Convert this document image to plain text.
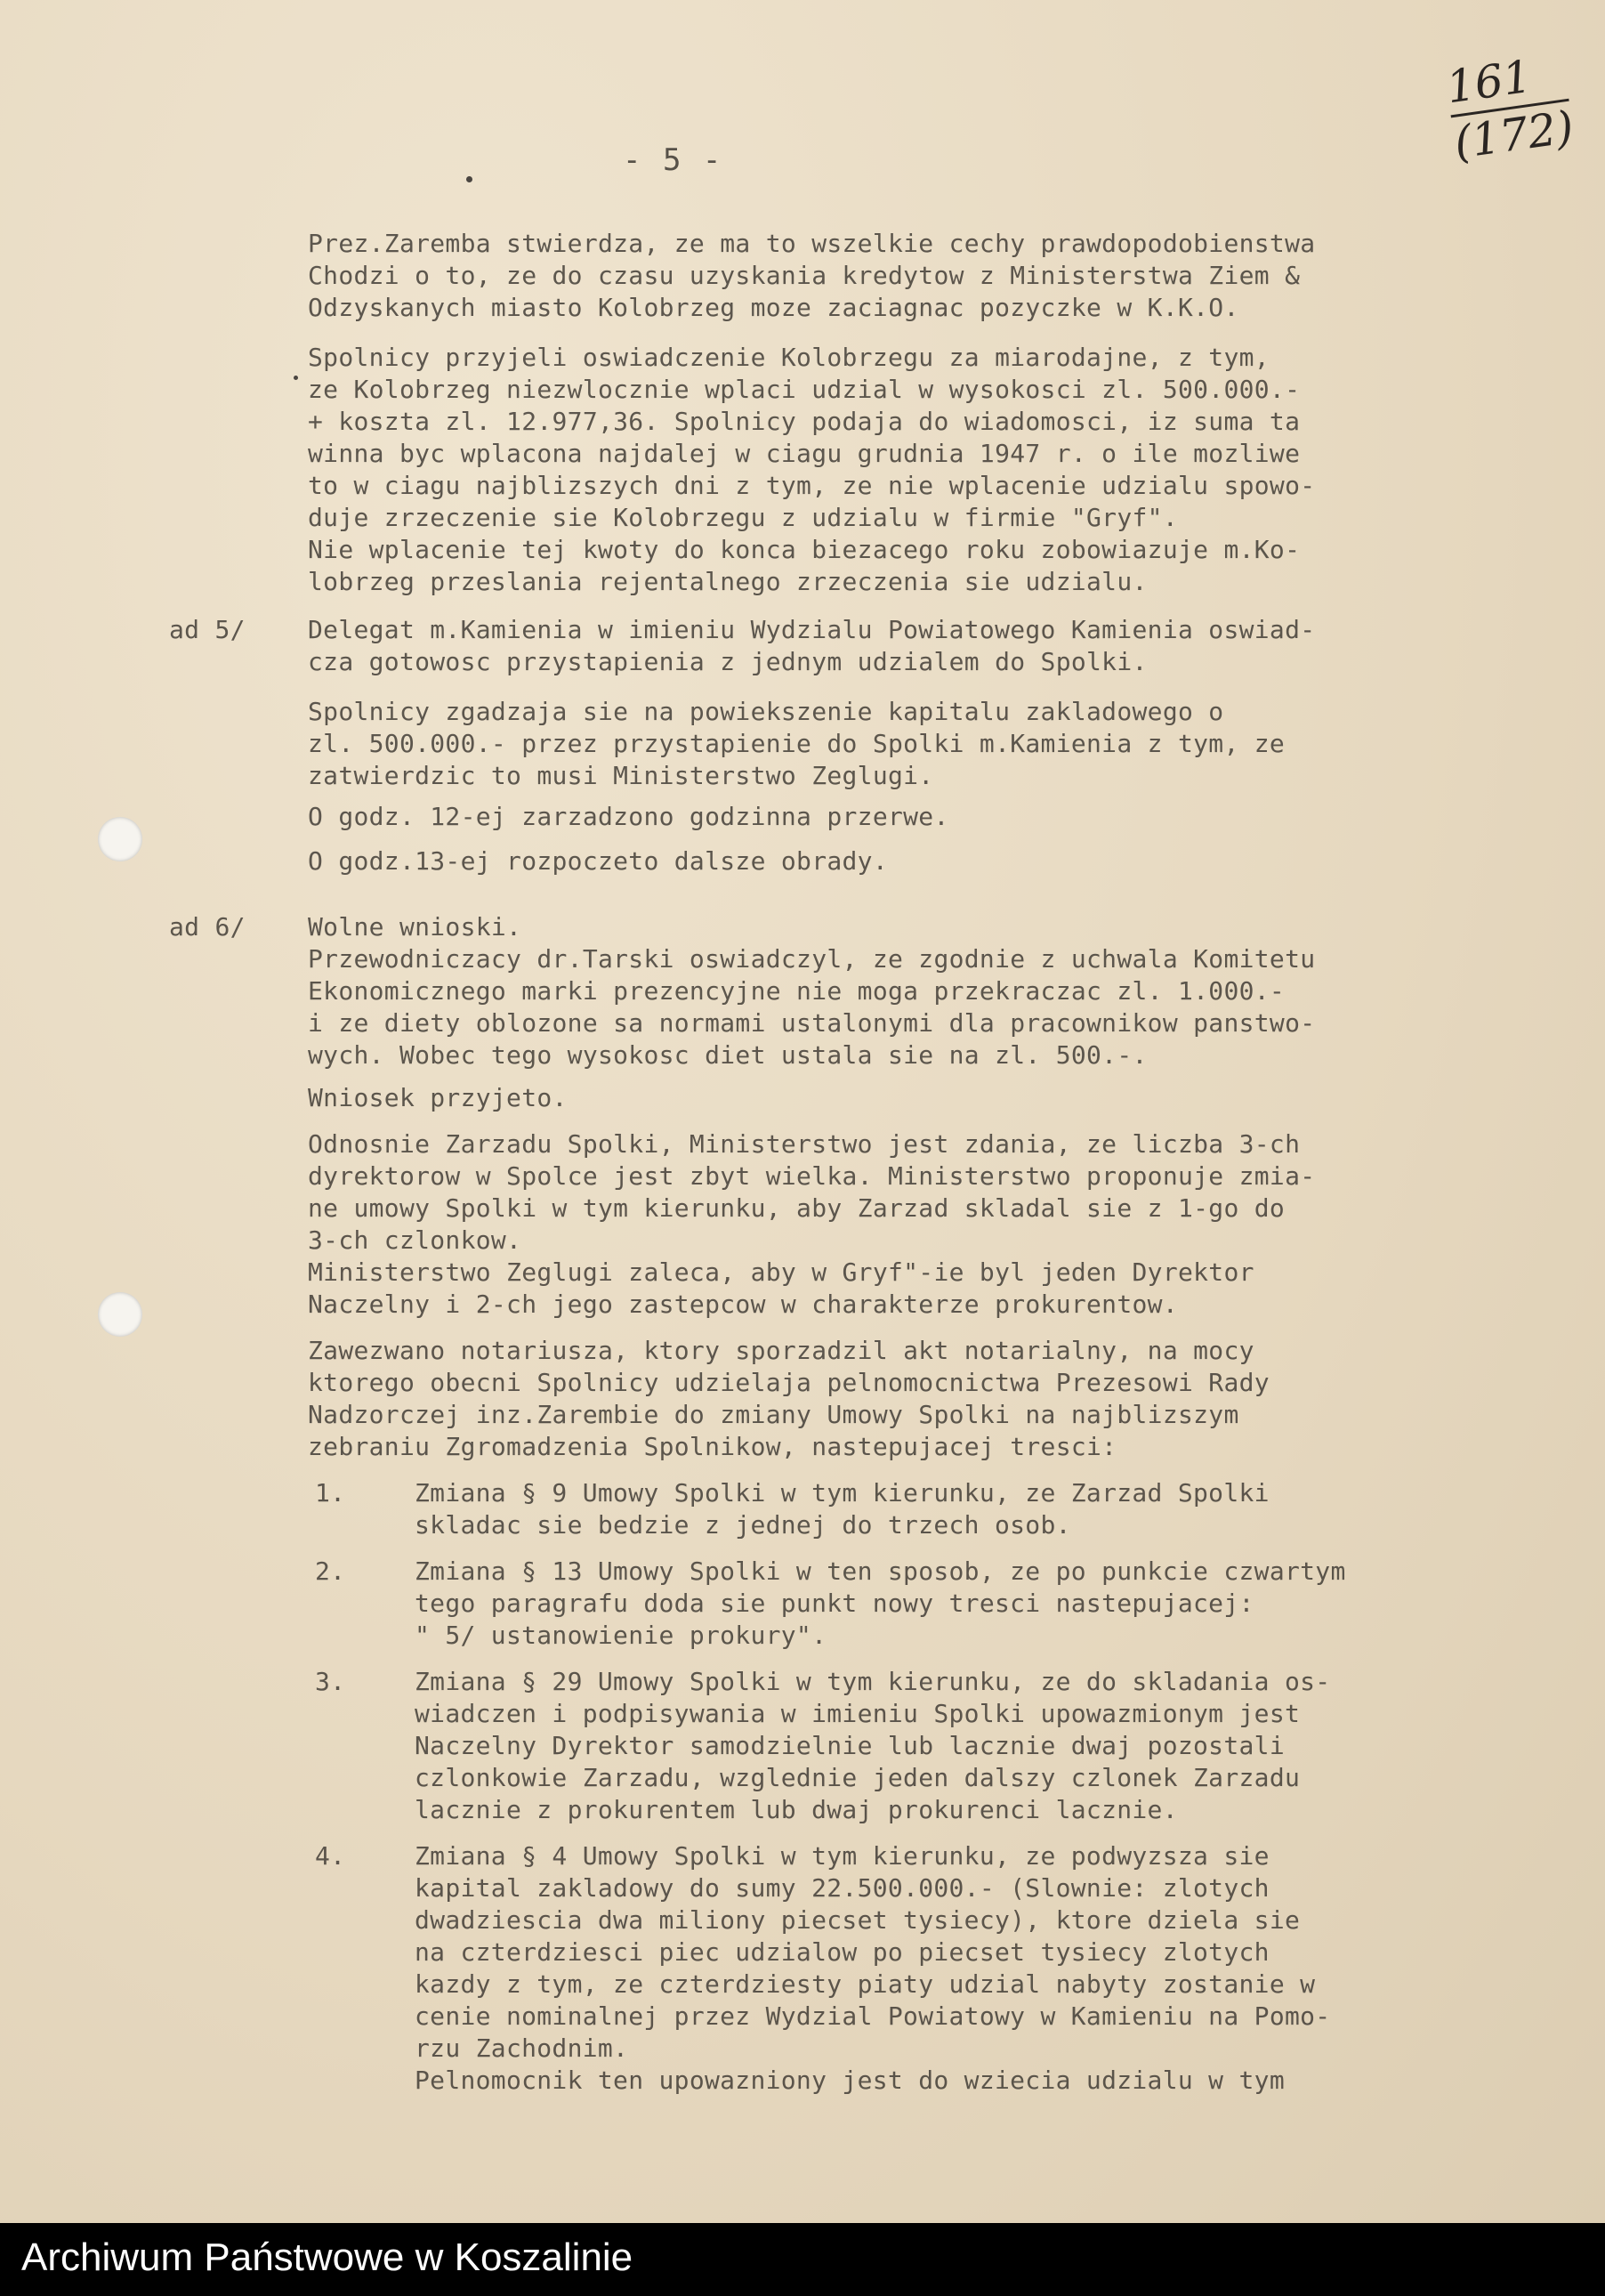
- 5 -
161
(172)
Prez.Zaremba stwierdza, ze ma to wszelkie cechy prawdopodobienstwa
Chodzi o to, ze do czasu uzyskania kredytow z Ministerstwa Ziem &
Odzyskanych miasto Kolobrzeg moze zaciagnac pozyczke w K.K.O.
Spolnicy przyjeli oswiadczenie Kolobrzegu za miarodajne, z tym,
ze Kolobrzeg niezwlocznie wplaci udzial w wysokosci zl. 500.000.-
+ koszta zl. 12.977,36. Spolnicy podaja do wiadomosci, iz suma ta
winna byc wplacona najdalej w ciagu grudnia 1947 r. o ile mozliwe
to w ciagu najblizszych dni z tym, ze nie wplacenie udzialu spowo-
duje zrzeczenie sie Kolobrzegu z udzialu w firmie "Gryf".
Nie wplacenie tej kwoty do konca biezacego roku zobowiazuje m.Ko-
lobrzeg przeslania rejentalnego zrzeczenia sie udzialu.
ad 5/	Delegat m.Kamienia w imieniu Wydzialu Powiatowego Kamienia oswiad-
cza gotowosc przystapienia z jednym udzialem do Spolki.
Spolnicy zgadzaja sie na powiekszenie kapitalu zakladowego o
zl. 500.000.- przez przystapienie do Spolki m.Kamienia z tym, ze
zatwierdzic to musi Ministerstwo Zeglugi.
O godz. 12-ej zarzadzono godzinna przerwe.
O godz.13-ej rozpoczeto dalsze obrady.
ad 6/	Wolne wnioski.
Przewodniczacy dr.Tarski oswiadczyl, ze zgodnie z uchwala Komitetu
Ekonomicznego marki prezencyjne nie moga przekraczac zl. 1.000.-
i ze diety oblozone sa normami ustalonymi dla pracownikow panstwo-
wych. Wobec tego wysokosc diet ustala sie na zl. 500.-.
Wniosek przyjeto.
Odnosnie Zarzadu Spolki, Ministerstwo jest zdania, ze liczba 3-ch
dyrektorow w Spolce jest zbyt wielka. Ministerstwo proponuje zmia-
ne umowy Spolki w tym kierunku, aby Zarzad skladal sie z 1-go do
3-ch czlonkow.
Ministerstwo Zeglugi zaleca, aby w Gryf"-ie byl jeden Dyrektor
Naczelny i 2-ch jego zastepcow w charakterze prokurentow.
Zawezwano notariusza, ktory sporzadzil akt notarialny, na mocy
ktorego obecni Spolnicy udzielaja pelnomocnictwa Prezesowi Rady
Nadzorczej inz.Zarembie do zmiany Umowy Spolki na najblizszym
zebraniu Zgromadzenia Spolnikow, nastepujacej tresci:
1.	Zmiana § 9 Umowy Spolki w tym kierunku, ze Zarzad Spolki
skladac sie bedzie z jednej do trzech osob.
2.	Zmiana § 13 Umowy Spolki w ten sposob, ze po punkcie czwartym
tego paragrafu doda sie punkt nowy tresci nastepujacej:
" 5/ ustanowienie prokury".
3.	Zmiana § 29 Umowy Spolki w tym kierunku, ze do skladania os-
wiadczen i podpisywania w imieniu Spolki upowazmionym jest
Naczelny Dyrektor samodzielnie lub lacznie dwaj pozostali
czlonkowie Zarzadu, wzglednie jeden dalszy czlonek Zarzadu
lacznie z prokurentem lub dwaj prokurenci lacznie.
4.	Zmiana § 4 Umowy Spolki w tym kierunku, ze podwyzsza sie
kapital zakladowy do sumy 22.500.000.- (Slownie: zlotych
dwadziescia dwa miliony piecset tysiecy), ktore dziela sie
na czterdziesci piec udzialow po piecset tysiecy zlotych
kazdy z tym, ze czterdziesty piaty udzial nabyty zostanie w
cenie nominalnej przez Wydzial Powiatowy w Kamieniu na Pomo-
rzu Zachodnim.
Pelnomocnik ten upowazniony jest do wziecia udzialu w tym
Archiwum Państwowe w Koszalinie
